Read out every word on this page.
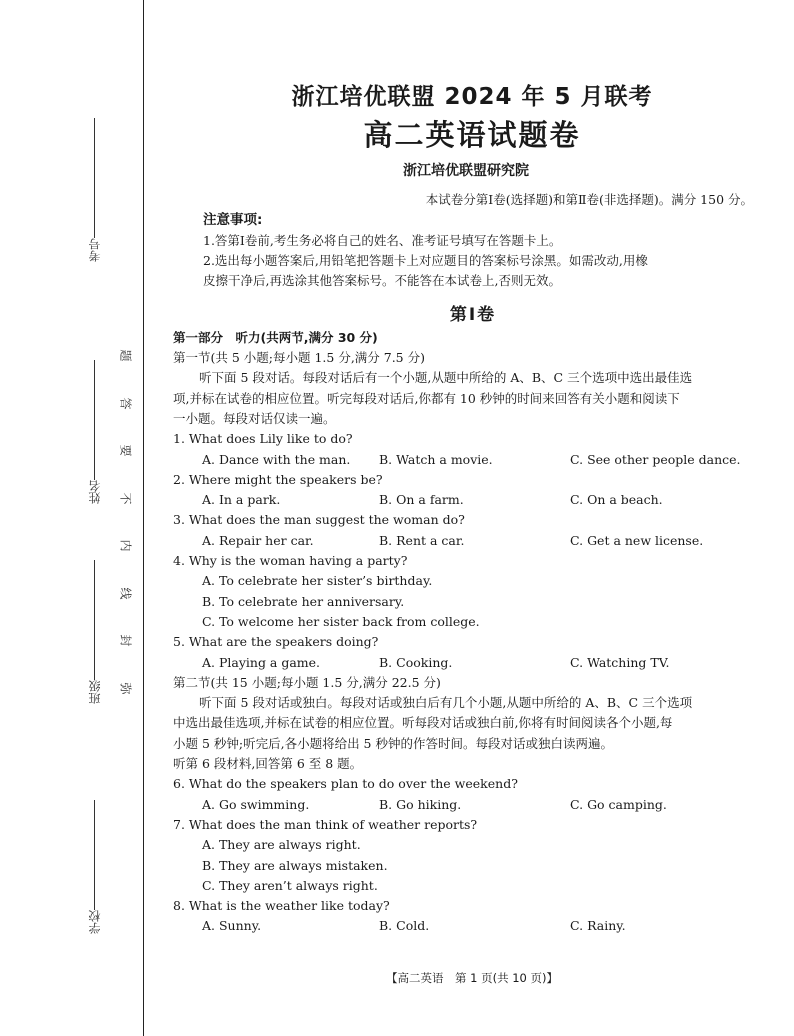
考号
姓名
班级
学校
题
答
要
不
内
线
封
弥
浙江培优联盟 2024 年 5 月联考
高二英语试题卷
浙江培优联盟研究院
本试卷分第Ⅰ卷(选择题)和第Ⅱ卷(非选择题)。满分 150 分。
注意事项:
1.答第Ⅰ卷前,考生务必将自己的姓名、准考证号填写在答题卡上。
2.选出每小题答案后,用铅笔把答题卡上对应题目的答案标号涂黑。如需改动,用橡
皮擦干净后,再选涂其他答案标号。不能答在本试卷上,否则无效。
第Ⅰ卷
第一部分　听力(共两节,满分 30 分)
第一节(共 5 小题;每小题 1.5 分,满分 7.5 分)
听下面 5 段对话。每段对话后有一个小题,从题中所给的 A、B、C 三个选项中选出最佳选
项,并标在试卷的相应位置。听完每段对话后,你都有 10 秒钟的时间来回答有关小题和阅读下
一小题。每段对话仅读一遍。
1. What does Lily like to do?
A. Dance with the man.	B. Watch a movie.	C. See other people dance.
2. Where might the speakers be?
A. In a park.	B. On a farm.	C. On a beach.
3. What does the man suggest the woman do?
A. Repair her car.	B. Rent a car.	C. Get a new license.
4. Why is the woman having a party?
A. To celebrate her sister’s birthday.
B. To celebrate her anniversary.
C. To welcome her sister back from college.
5. What are the speakers doing?
A. Playing a game.	B. Cooking.	C. Watching TV.
第二节(共 15 小题;每小题 1.5 分,满分 22.5 分)
听下面 5 段对话或独白。每段对话或独白后有几个小题,从题中所给的 A、B、C 三个选项
中选出最佳选项,并标在试卷的相应位置。听每段对话或独白前,你将有时间阅读各个小题,每
小题 5 秒钟;听完后,各小题将给出 5 秒钟的作答时间。每段对话或独白读两遍。
听第 6 段材料,回答第 6 至 8 题。
6. What do the speakers plan to do over the weekend?
A. Go swimming.	B. Go hiking.	C. Go camping.
7. What does the man think of weather reports?
A. They are always right.
B. They are always mistaken.
C. They aren’t always right.
8. What is the weather like today?
A. Sunny.	B. Cold.	C. Rainy.
【高二英语　第 1 页(共 10 页)】
